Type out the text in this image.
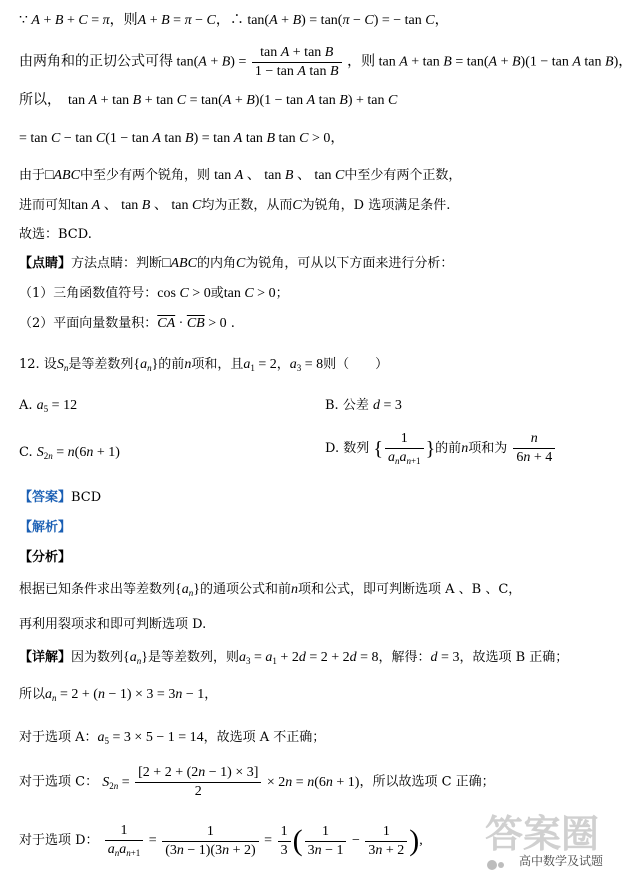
∵ A + B + C = π，则A + B = π − C，∴ tan(A + B) = tan(π − C) = − tan C，
由两角和的正切公式可得 $\tan(A + B) = \frac{\text{tan A + tan B}}{\text{1 − tan A tan B}}$ ，则 tan A + tan B = tan(A + B)(1 − tan A tan B)，
所以，  tan A + tan B + tan C = tan(A + B)(1 − tan A tan B) + tan C
= tan C − tan C(1 − tan A tan B) = tan A tan B tan C > 0，
由于□ABC中至少有两个锐角，则 tan A 、 tan B 、 tan C中至少有两个正数，
进而可知tan A 、 tan B 、 tan C均为正数，从而C为锐角，D 选项满足条件.
故选：BCD.
【点睛】方法点睛：判断□ABC的内角C为锐角，可从以下方面来进行分析：
（1）三角函数值符号：cos C > 0或tan C > 0；
（2）平面向量数量积：$\overline{CA} \cdot \overline{CB} > 0$ .
12. 设$S_n$是等差数列$\{a_n\}$的前n项和，且$a_1 = 2$，$a_3 = 8$则（　　）
A. $a_5 = 12$	B. 公差 d = 3
C. $S_{2n} = n(6n + 1)$	D. 数列 { $\frac{1}{a_na_{n+1}}$ }的前n项和为 $\frac{n}{6n + 4}$
【答案】BCD
【解析】
【分析】
根据已知条件求出等差数列$\{a_n\}$的通项公式和前n项和公式，即可判断选项 A 、B 、C，
再利用裂项求和即可判断选项 D.
【详解】因为数列$\{a_n\}$是等差数列，则$a_3 = a_1 + 2d = 2 + 2d = 8$，解得：d = 3，故选项 B 正确；
所以$a_n = 2 + (n - 1) \times 3 = 3n - 1$，
对于选项 A：$a_5 = 3 \times 5 - 1 = 14$，故选项 A 不正确；
对于选项 C： $S_{2n} = \frac{[2 + 2 + (2n - 1) \times 3]}{2} \times 2n = n(6n + 1)$，所以故选项 C 正确；
对于选项 D： $\frac{1}{a_na_{n+1}} = \frac{1}{(3n - 1)(3n + 2)} = \frac{1}{3}$ ( $\frac{1}{3n - 1} - \frac{1}{3n + 2}$ ), 答案圈
高中数学及试题
